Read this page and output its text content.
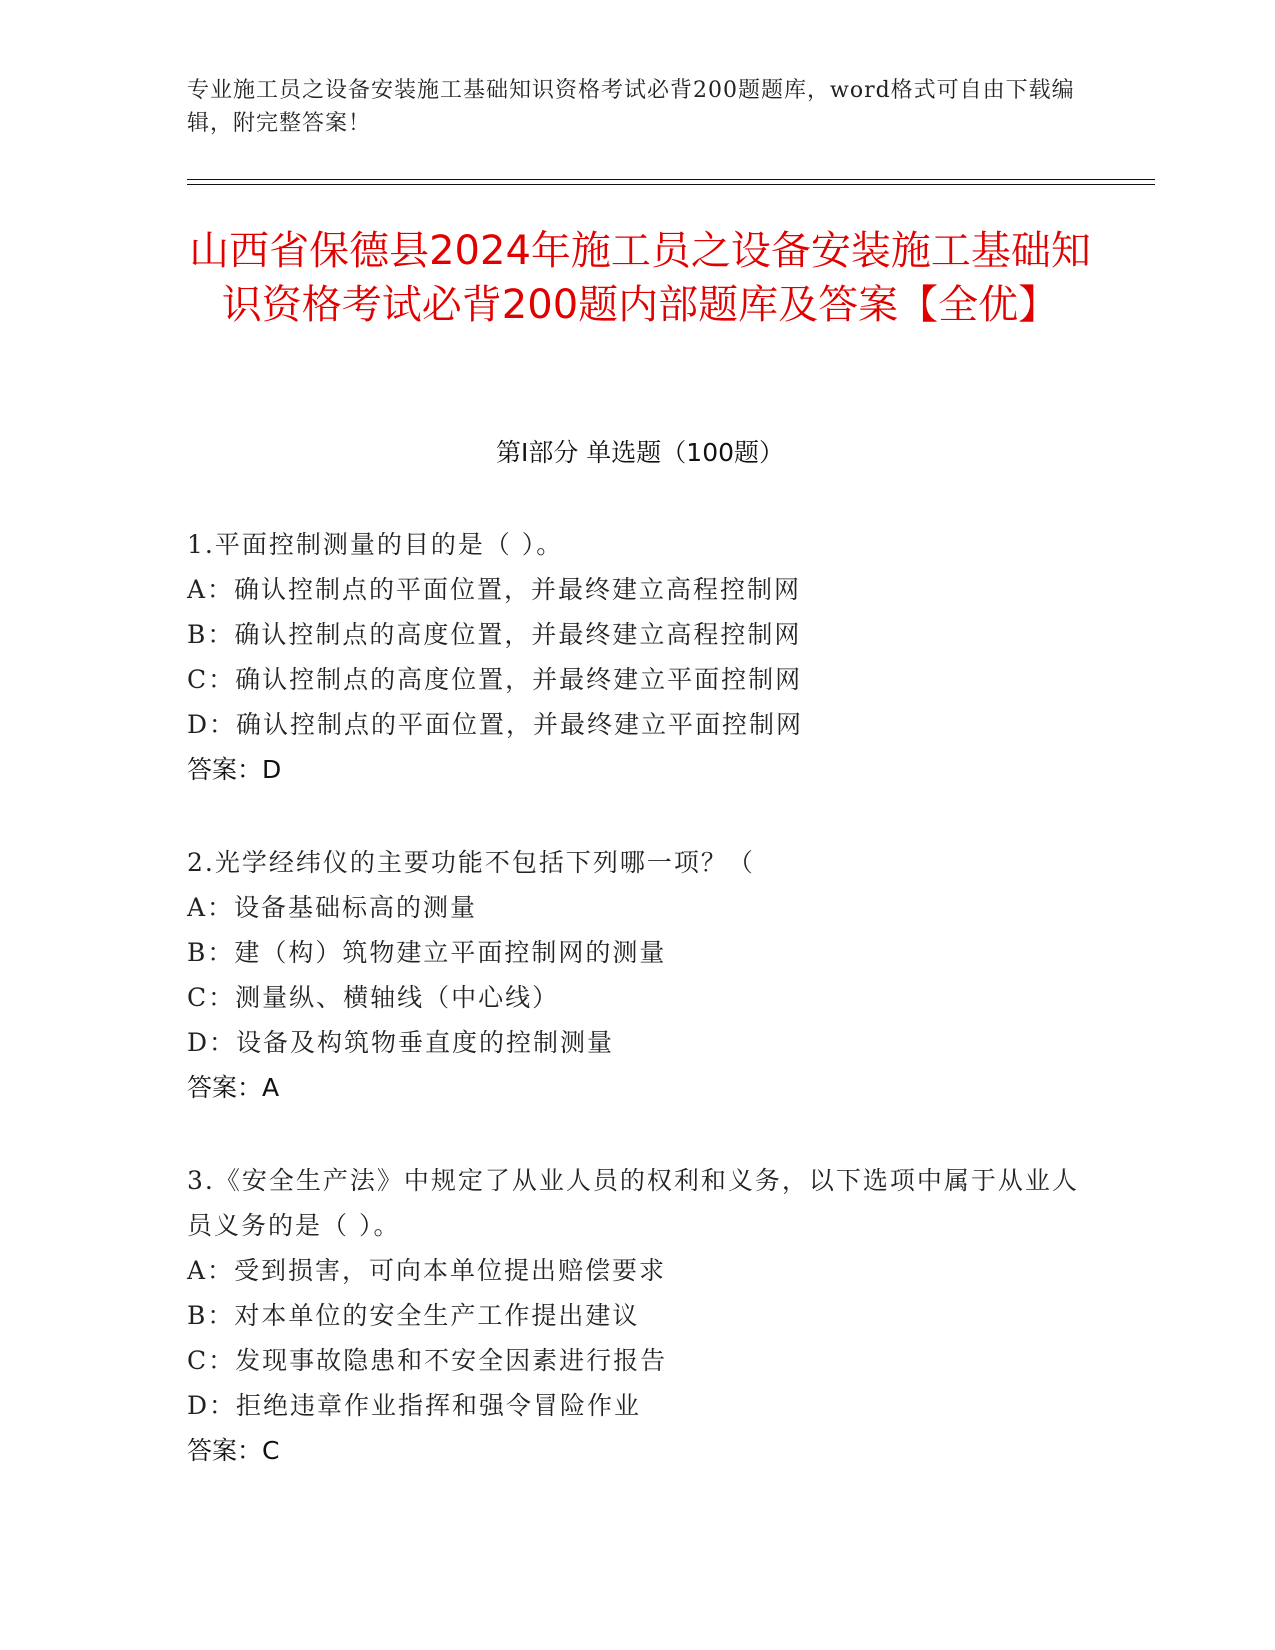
专业施工员之设备安装施工基础知识资格考试必背200题题库，word格式可自由下载编辑，附完整答案！
山西省保德县2024年施工员之设备安装施工基础知识资格考试必背200题内部题库及答案【全优】
第I部分 单选题（100题）
1.平面控制测量的目的是（ ）。
A：确认控制点的平面位置，并最终建立高程控制网
B：确认控制点的高度位置，并最终建立高程控制网
C：确认控制点的高度位置，并最终建立平面控制网
D：确认控制点的平面位置，并最终建立平面控制网
答案：D
2.光学经纬仪的主要功能不包括下列哪一项？（
A：设备基础标高的测量
B：建（构）筑物建立平面控制网的测量
C：测量纵、横轴线（中心线）
D：设备及构筑物垂直度的控制测量
答案：A
3.《安全生产法》中规定了从业人员的权利和义务，以下选项中属于从业人员义务的是（ ）。
A：受到损害，可向本单位提出赔偿要求
B：对本单位的安全生产工作提出建议
C：发现事故隐患和不安全因素进行报告
D：拒绝违章作业指挥和强令冒险作业
答案：C
